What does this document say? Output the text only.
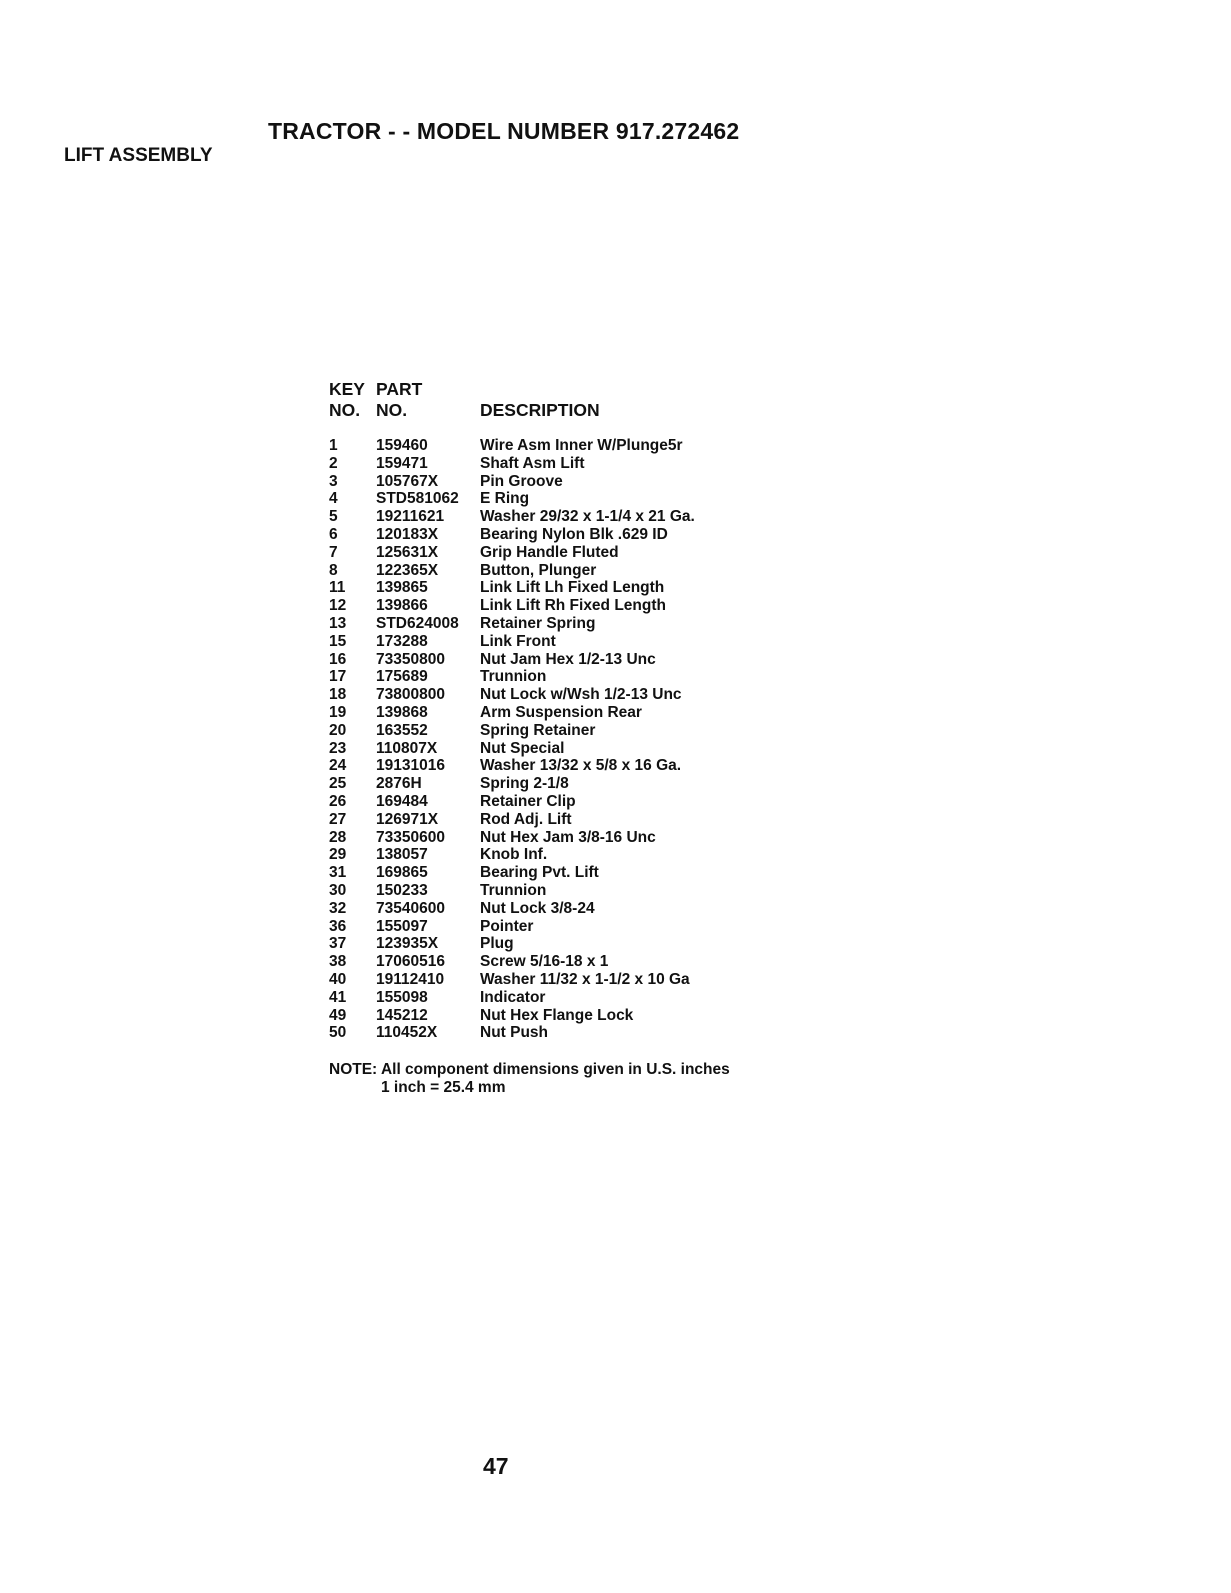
TRACTOR - - MODEL NUMBER 917.272462
LIFT ASSEMBLY
KEY PART
NO. NO.	DESCRIPTION
1 159460	Wire Asm Inner W/Plunge5r
2 159471	Shaft Asm Lift
3 105767X	Pin Groove
4 STD581062 E Ring
5 19211621 Washer 29/32 x 1-1/4 x 21 Ga.
6 120183X	Bearing Nylon Blk .629 ID
7 125631X	Grip Handle Fluted
8 122365X	Button, Plunger
11 139865	Link Lift Lh Fixed Length
12 139866	Link Lift Rh Fixed Length
13 STD624008 Retainer Spring
15 173288	Link Front
16 73350800 Nut Jam Hex 1/2-13 Unc
17 175689	Trunnion
18 73800800 Nut Lock w/Wsh 1/2-13 Unc
19 139868	Arm Suspension Rear
20 163552	Spring Retainer
23 110807X	Nut Special
24 19131016 Washer 13/32 x 5/8 x 16 Ga.
25 2876H	Spring 2-1/8
26 169484	Retainer Clip
27 126971X	Rod Adj. Lift
28 73350600 Nut Hex Jam 3/8-16 Unc
29 138057	Knob Inf.
31 169865	Bearing Pvt. Lift
30 150233	Trunnion
32 73540600 Nut Lock 3/8-24
36 155097	Pointer
37 123935X	Plug
38 17060516 Screw 5/16-18 x 1
40 19112410 Washer 11/32 x 1-1/2 x 10 Ga
41 155098	Indicator
49 145212	Nut Hex Flange Lock
50 110452X	Nut Push
NOTE: All component dimensions given in U.S. inches
1 inch = 25.4 mm
47
